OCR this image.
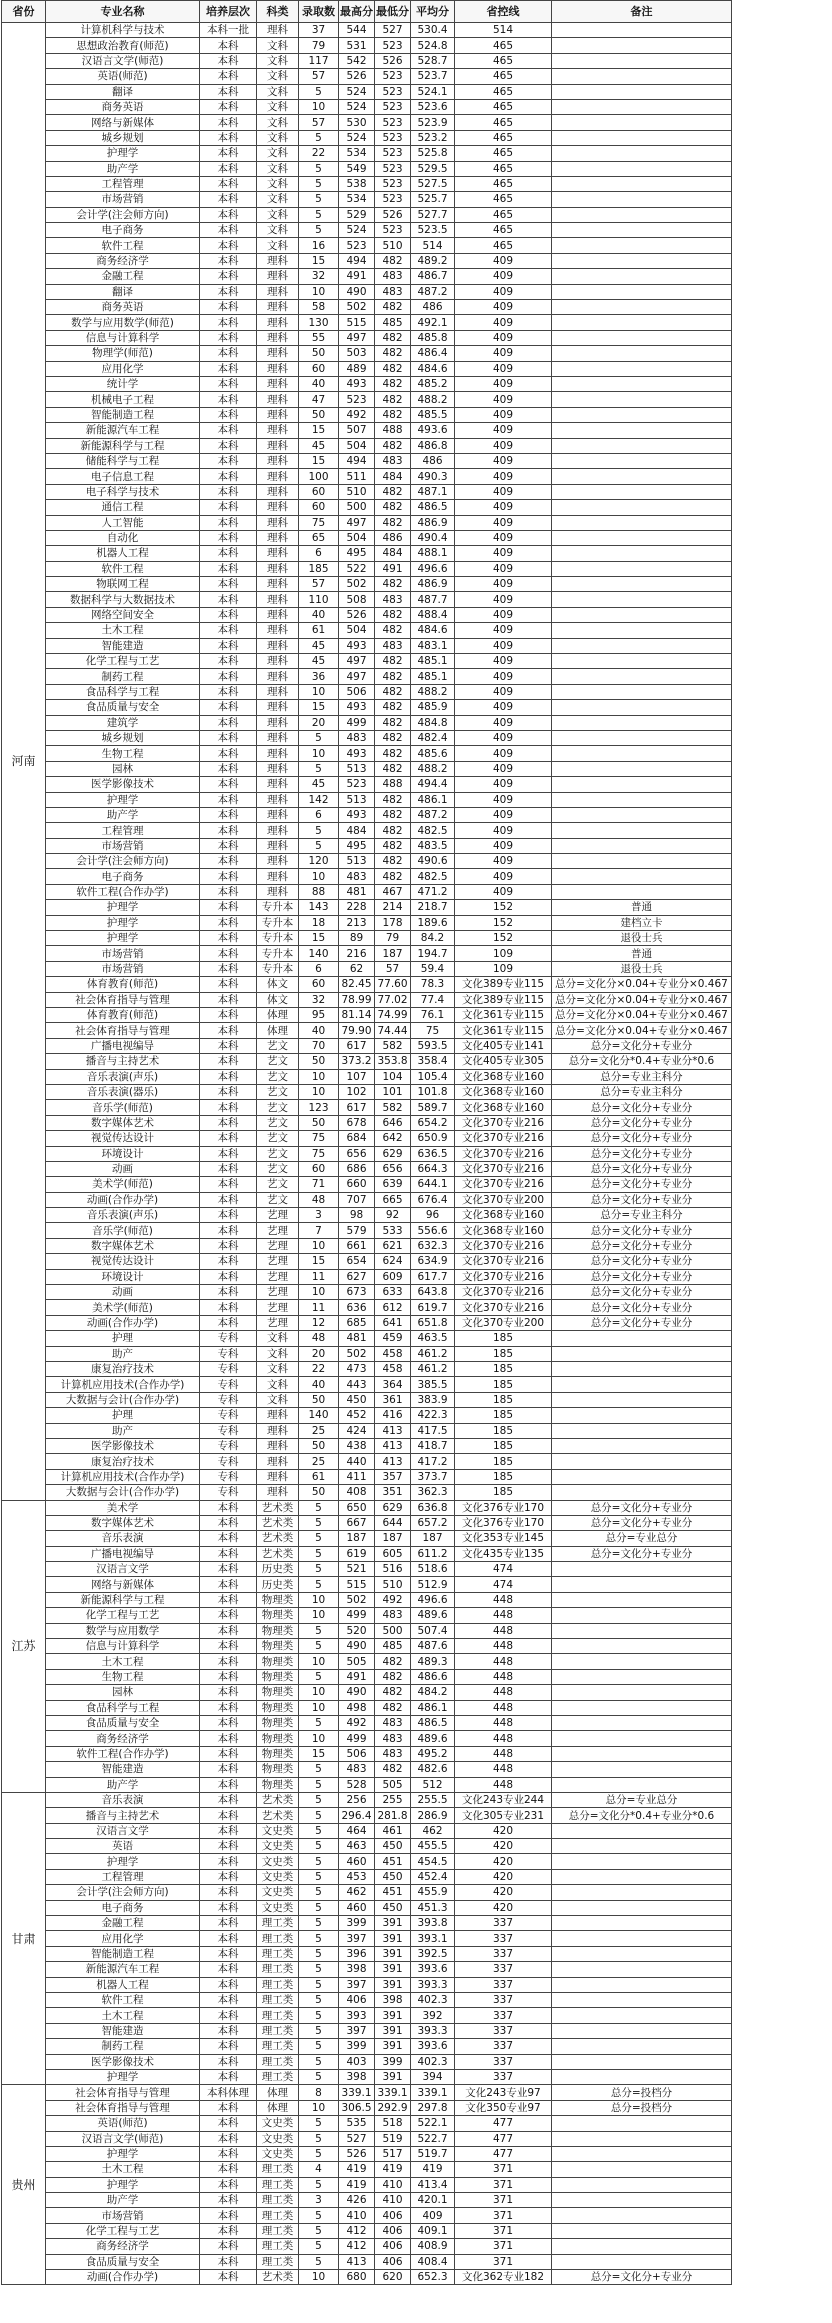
省份	专业名称	培养层次	科类	录取数	最高分	最低分	平均分	省控线	备注
河南	计算机科学与技术	本科一批	理科	37	544	527	530.4	514	
	思想政治教育(师范)	本科	文科	79	531	523	524.8	465	
	汉语言文学(师范)	本科	文科	117	542	526	528.7	465	
	英语(师范)	本科	文科	57	526	523	523.7	465	
	翻译	本科	文科	5	524	523	524.1	465	
	商务英语	本科	文科	10	524	523	523.6	465	
	网络与新媒体	本科	文科	57	530	523	523.9	465	
	城乡规划	本科	文科	5	524	523	523.2	465	
	护理学	本科	文科	22	534	523	525.8	465	
	助产学	本科	文科	5	549	523	529.5	465	
	工程管理	本科	文科	5	538	523	527.5	465	
	市场营销	本科	文科	5	534	523	525.7	465	
	会计学(注会师方向)	本科	文科	5	529	526	527.7	465	
	电子商务	本科	文科	5	524	523	523.5	465	
	软件工程	本科	文科	16	523	510	514	465	
	商务经济学	本科	理科	15	494	482	489.2	409	
	金融工程	本科	理科	32	491	483	486.7	409	
	翻译	本科	理科	10	490	483	487.2	409	
	商务英语	本科	理科	58	502	482	486	409	
	数学与应用数学(师范)	本科	理科	130	515	485	492.1	409	
	信息与计算科学	本科	理科	55	497	482	485.8	409	
	物理学(师范)	本科	理科	50	503	482	486.4	409	
	应用化学	本科	理科	60	489	482	484.6	409	
	统计学	本科	理科	40	493	482	485.2	409	
	机械电子工程	本科	理科	47	523	482	488.2	409	
	智能制造工程	本科	理科	50	492	482	485.5	409	
	新能源汽车工程	本科	理科	15	507	488	493.6	409	
	新能源科学与工程	本科	理科	45	504	482	486.8	409	
	储能科学与工程	本科	理科	15	494	483	486	409	
	电子信息工程	本科	理科	100	511	484	490.3	409	
	电子科学与技术	本科	理科	60	510	482	487.1	409	
	通信工程	本科	理科	60	500	482	486.5	409	
	人工智能	本科	理科	75	497	482	486.9	409	
	自动化	本科	理科	65	504	486	490.4	409	
	机器人工程	本科	理科	6	495	484	488.1	409	
	软件工程	本科	理科	185	522	491	496.6	409	
	物联网工程	本科	理科	57	502	482	486.9	409	
	数据科学与大数据技术	本科	理科	110	508	483	487.7	409	
	网络空间安全	本科	理科	40	526	482	488.4	409	
	土木工程	本科	理科	61	504	482	484.6	409	
	智能建造	本科	理科	45	493	483	483.1	409	
	化学工程与工艺	本科	理科	45	497	482	485.1	409	
	制药工程	本科	理科	36	497	482	485.1	409	
	食品科学与工程	本科	理科	10	506	482	488.2	409	
	食品质量与安全	本科	理科	15	493	482	485.9	409	
	建筑学	本科	理科	20	499	482	484.8	409	
	城乡规划	本科	理科	5	483	482	482.4	409	
	生物工程	本科	理科	10	493	482	485.6	409	
	园林	本科	理科	5	513	482	488.2	409	
	医学影像技术	本科	理科	45	523	488	494.4	409	
	护理学	本科	理科	142	513	482	486.1	409	
	助产学	本科	理科	6	493	482	487.2	409	
	工程管理	本科	理科	5	484	482	482.5	409	
	市场营销	本科	理科	5	495	482	483.5	409	
	会计学(注会师方向)	本科	理科	120	513	482	490.6	409	
	电子商务	本科	理科	10	483	482	482.5	409	
	软件工程(合作办学)	本科	理科	88	481	467	471.2	409	
	护理学	本科	专升本	143	228	214	218.7	152	普通
	护理学	本科	专升本	18	213	178	189.6	152	建档立卡
	护理学	本科	专升本	15	89	79	84.2	152	退役士兵
	市场营销	本科	专升本	140	216	187	194.7	109	普通
	市场营销	本科	专升本	6	62	57	59.4	109	退役士兵
	体育教育(师范)	本科	体文	60	82.45	77.60	78.3	文化389专业115	总分=文化分×0.04+专业分×0.467
	社会体育指导与管理	本科	体文	32	78.99	77.02	77.4	文化389专业115	总分=文化分×0.04+专业分×0.467
	体育教育(师范)	本科	体理	95	81.14	74.99	76.1	文化361专业115	总分=文化分×0.04+专业分×0.467
	社会体育指导与管理	本科	体理	40	79.90	74.44	75	文化361专业115	总分=文化分×0.04+专业分×0.467
	广播电视编导	本科	艺文	70	617	582	593.5	文化405专业141	总分=文化分+专业分
	播音与主持艺术	本科	艺文	50	373.2	353.8	358.4	文化405专业305	总分=文化分*0.4+专业分*0.6
	音乐表演(声乐)	本科	艺文	10	107	104	105.4	文化368专业160	总分=专业主科分
	音乐表演(器乐)	本科	艺文	10	102	101	101.8	文化368专业160	总分=专业主科分
	音乐学(师范)	本科	艺文	123	617	582	589.7	文化368专业160	总分=文化分+专业分
	数字媒体艺术	本科	艺文	50	678	646	654.2	文化370专业216	总分=文化分+专业分
	视觉传达设计	本科	艺文	75	684	642	650.9	文化370专业216	总分=文化分+专业分
	环境设计	本科	艺文	75	656	629	636.5	文化370专业216	总分=文化分+专业分
	动画	本科	艺文	60	686	656	664.3	文化370专业216	总分=文化分+专业分
	美术学(师范)	本科	艺文	71	660	639	644.1	文化370专业216	总分=文化分+专业分
	动画(合作办学)	本科	艺文	48	707	665	676.4	文化370专业200	总分=文化分+专业分
	音乐表演(声乐)	本科	艺理	3	98	92	96	文化368专业160	总分=专业主科分
	音乐学(师范)	本科	艺理	7	579	533	556.6	文化368专业160	总分=文化分+专业分
	数字媒体艺术	本科	艺理	10	661	621	632.3	文化370专业216	总分=文化分+专业分
	视觉传达设计	本科	艺理	15	654	624	634.9	文化370专业216	总分=文化分+专业分
	环境设计	本科	艺理	11	627	609	617.7	文化370专业216	总分=文化分+专业分
	动画	本科	艺理	10	673	633	643.8	文化370专业216	总分=文化分+专业分
	美术学(师范)	本科	艺理	11	636	612	619.7	文化370专业216	总分=文化分+专业分
	动画(合作办学)	本科	艺理	12	685	641	651.8	文化370专业200	总分=文化分+专业分
	护理	专科	文科	48	481	459	463.5	185	
	助产	专科	文科	20	502	458	461.2	185	
	康复治疗技术	专科	文科	22	473	458	461.2	185	
	计算机应用技术(合作办学)	专科	文科	40	443	364	385.5	185	
	大数据与会计(合作办学)	专科	文科	50	450	361	383.9	185	
	护理	专科	理科	140	452	416	422.3	185	
	助产	专科	理科	25	424	413	417.5	185	
	医学影像技术	专科	理科	50	438	413	418.7	185	
	康复治疗技术	专科	理科	25	440	413	417.2	185	
	计算机应用技术(合作办学)	专科	理科	61	411	357	373.7	185	
	大数据与会计(合作办学)	专科	理科	50	408	351	362.3	185	
江苏	美术学	本科	艺术类	5	650	629	636.8	文化376专业170	总分=文化分+专业分
	数字媒体艺术	本科	艺术类	5	667	644	657.2	文化376专业170	总分=文化分+专业分
	音乐表演	本科	艺术类	5	187	187	187	文化353专业145	总分=专业总分
	广播电视编导	本科	艺术类	5	619	605	611.2	文化435专业135	总分=文化分+专业分
	汉语言文学	本科	历史类	5	521	516	518.6	474	
	网络与新媒体	本科	历史类	5	515	510	512.9	474	
	新能源科学与工程	本科	物理类	10	502	492	496.6	448	
	化学工程与工艺	本科	物理类	10	499	483	489.6	448	
	数学与应用数学	本科	物理类	5	520	500	507.4	448	
	信息与计算科学	本科	物理类	5	490	485	487.6	448	
	土木工程	本科	物理类	10	505	482	489.3	448	
	生物工程	本科	物理类	5	491	482	486.6	448	
	园林	本科	物理类	10	490	482	484.2	448	
	食品科学与工程	本科	物理类	10	498	482	486.1	448	
	食品质量与安全	本科	物理类	5	492	483	486.5	448	
	商务经济学	本科	物理类	10	499	483	489.6	448	
	软件工程(合作办学)	本科	物理类	15	506	483	495.2	448	
	智能建造	本科	物理类	5	483	482	482.6	448	
	助产学	本科	物理类	5	528	505	512	448	
甘肃	音乐表演	本科	艺术类	5	256	255	255.5	文化243专业244	总分=专业总分
	播音与主持艺术	本科	艺术类	5	296.4	281.8	286.9	文化305专业231	总分=文化分*0.4+专业分*0.6
	汉语言文学	本科	文史类	5	464	461	462	420	
	英语	本科	文史类	5	463	450	455.5	420	
	护理学	本科	文史类	5	460	451	454.5	420	
	工程管理	本科	文史类	5	453	450	452.4	420	
	会计学(注会师方向)	本科	文史类	5	462	451	455.9	420	
	电子商务	本科	文史类	5	460	450	451.3	420	
	金融工程	本科	理工类	5	399	391	393.8	337	
	应用化学	本科	理工类	5	397	391	393.1	337	
	智能制造工程	本科	理工类	5	396	391	392.5	337	
	新能源汽车工程	本科	理工类	5	398	391	393.6	337	
	机器人工程	本科	理工类	5	397	391	393.3	337	
	软件工程	本科	理工类	5	406	398	402.3	337	
	土木工程	本科	理工类	5	393	391	392	337	
	智能建造	本科	理工类	5	397	391	393.3	337	
	制药工程	本科	理工类	5	399	391	393.6	337	
	医学影像技术	本科	理工类	5	403	399	402.3	337	
	护理学	本科	理工类	5	398	391	394	337	
贵州	社会体育指导与管理	本科体理	体理	8	339.1	339.1	339.1	文化243专业97	总分=投档分
	社会体育指导与管理	本科	体理	10	306.5	292.9	297.8	文化350专业97	总分=投档分
	英语(师范)	本科	文史类	5	535	518	522.1	477	
	汉语言文学(师范)	本科	文史类	5	527	519	522.7	477	
	护理学	本科	文史类	5	526	517	519.7	477	
	土木工程	本科	理工类	4	419	419	419	371	
	护理学	本科	理工类	5	419	410	413.4	371	
	助产学	本科	理工类	3	426	410	420.1	371	
	市场营销	本科	理工类	5	410	406	409	371	
	化学工程与工艺	本科	理工类	5	412	406	409.1	371	
	商务经济学	本科	理工类	5	412	406	408.9	371	
	食品质量与安全	本科	理工类	5	413	406	408.4	371	
	动画(合作办学)	本科	艺术类	10	680	620	652.3	文化362专业182	总分=文化分+专业分
